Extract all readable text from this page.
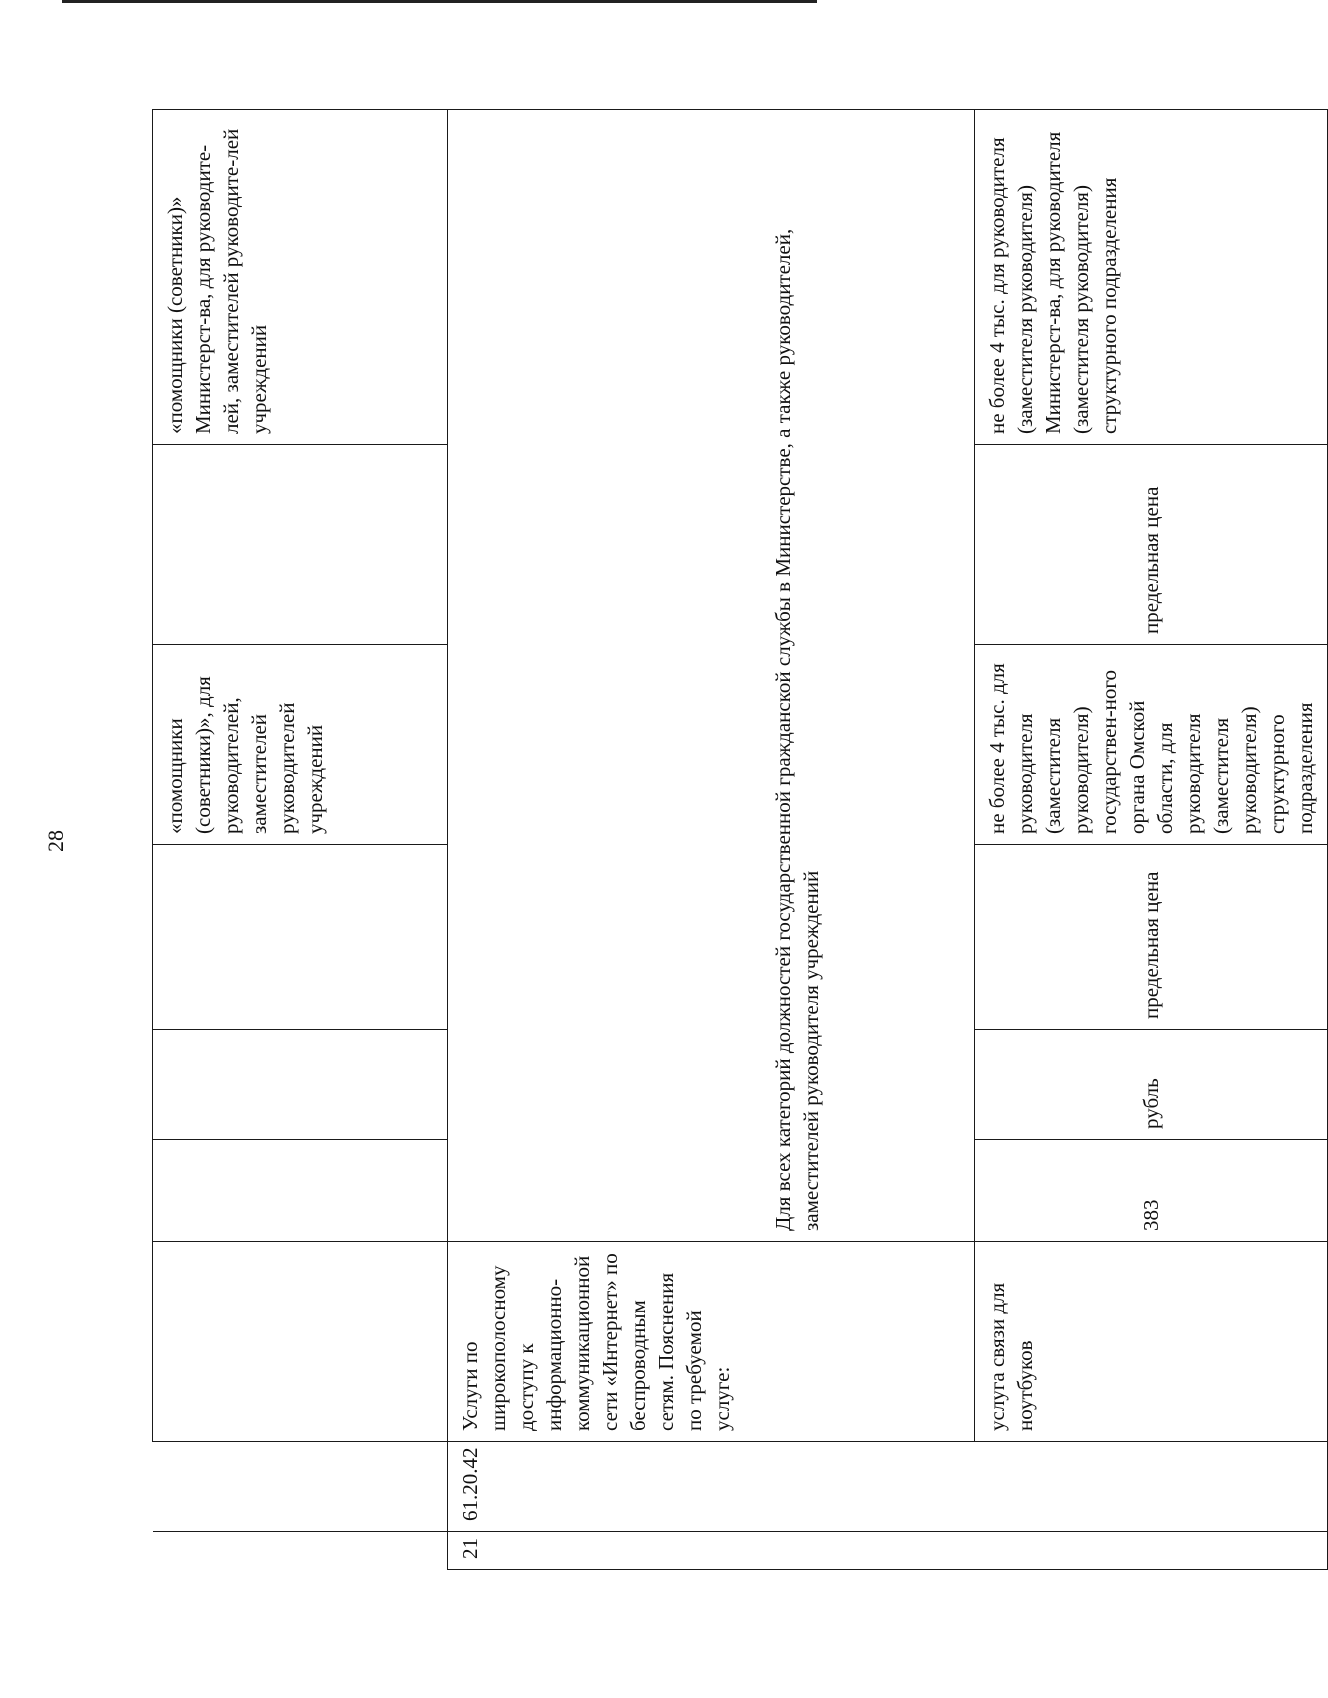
28
						«помощники (советники)», для руководителей, заместителей руководителей учреждений		«помощники (советники)» Министерст-ва, для руководите-лей, заместителей руководите-лей учреждений
21	61.20.42	Услуги по широкополосному доступу к информационно-коммуникационной сети «Интернет» по беспроводным сетям. Пояснения по требуемой услуге:	Для всех категорий должностей государственной гражданской службы в Министерстве, а также руководителей, заместителей руководителя учреждений					
		услуга связи для ноутбуков	383	рубль	предельная цена	не более 4 тыс. для руководителя (заместителя руководителя) государствен-ного органа Омской области, для руководителя (заместителя руководителя) структурного подразделения	предельная цена	не более 4 тыс. для руководителя (заместителя руководителя) Министерст-ва, для руководителя (заместителя руководителя) структурного подразделения
